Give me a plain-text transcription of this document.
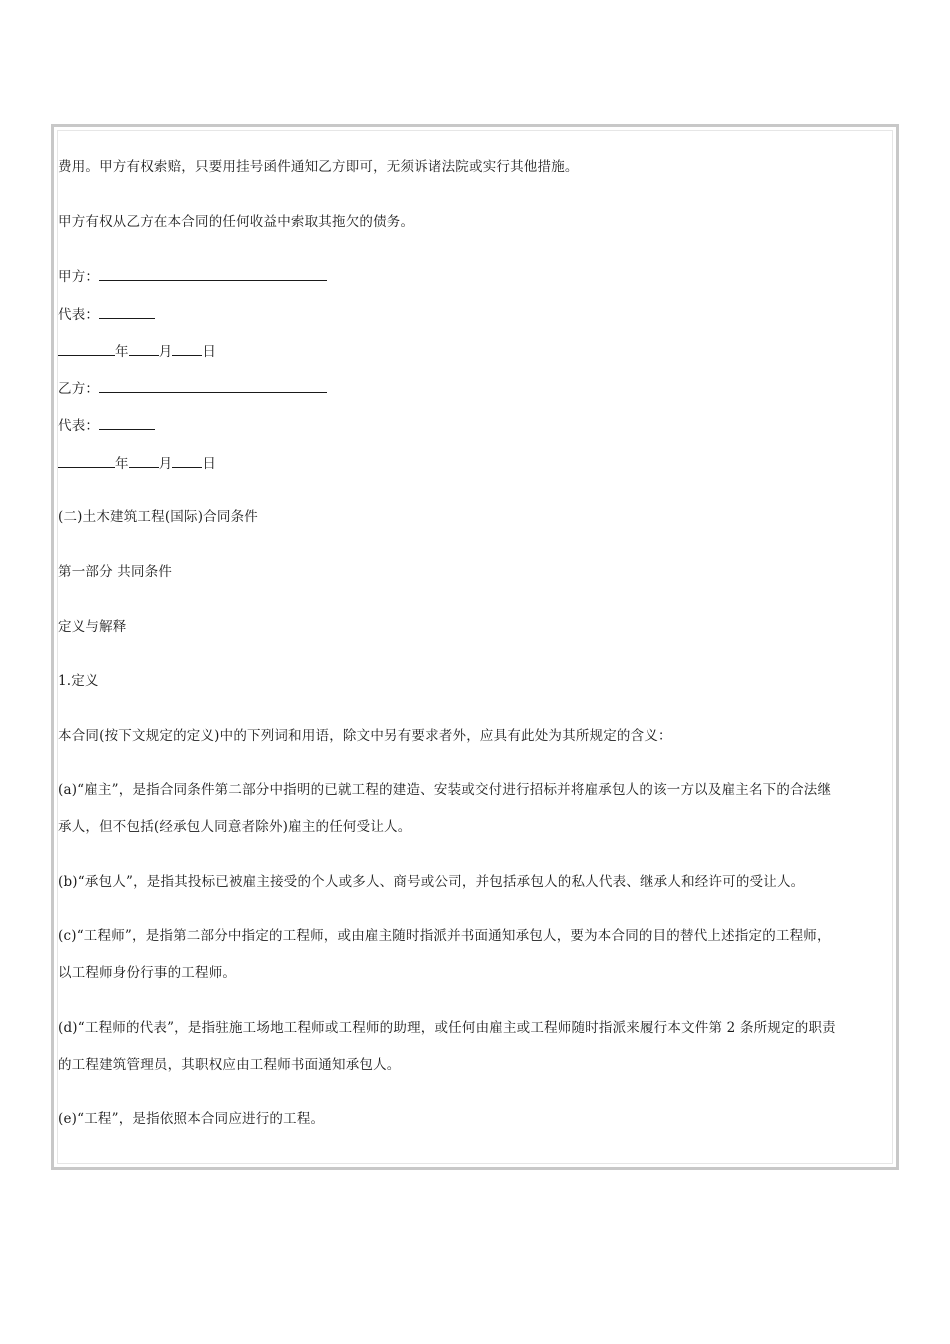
费用。甲方有权索赔，只要用挂号函件通知乙方即可，无须诉诸法院或实行其他措施。
甲方有权从乙方在本合同的任何收益中索取其拖欠的债务。
甲方：
代表：
年 月 日
乙方：
代表：
年 月 日
(二)土木建筑工程(国际)合同条件
第一部分 共同条件
定义与解释
1.定义
本合同(按下文规定的定义)中的下列词和用语，除文中另有要求者外，应具有此处为其所规定的含义：
(a)“雇主”，是指合同条件第二部分中指明的已就工程的建造、安装或交付进行招标并将雇承包人的该一方以及雇主名下的合法继
承人，但不包括(经承包人同意者除外)雇主的任何受让人。
(b)“承包人”，是指其投标已被雇主接受的个人或多人、商号或公司，并包括承包人的私人代表、继承人和经许可的受让人。
(c)“工程师”，是指第二部分中指定的工程师，或由雇主随时指派并书面通知承包人，要为本合同的目的替代上述指定的工程师，
以工程师身份行事的工程师。
(d)“工程师的代表”，是指驻施工场地工程师或工程师的助理，或任何由雇主或工程师随时指派来履行本文件第 2 条所规定的职责
的工程建筑管理员，其职权应由工程师书面通知承包人。
(e)“工程”，是指依照本合同应进行的工程。
